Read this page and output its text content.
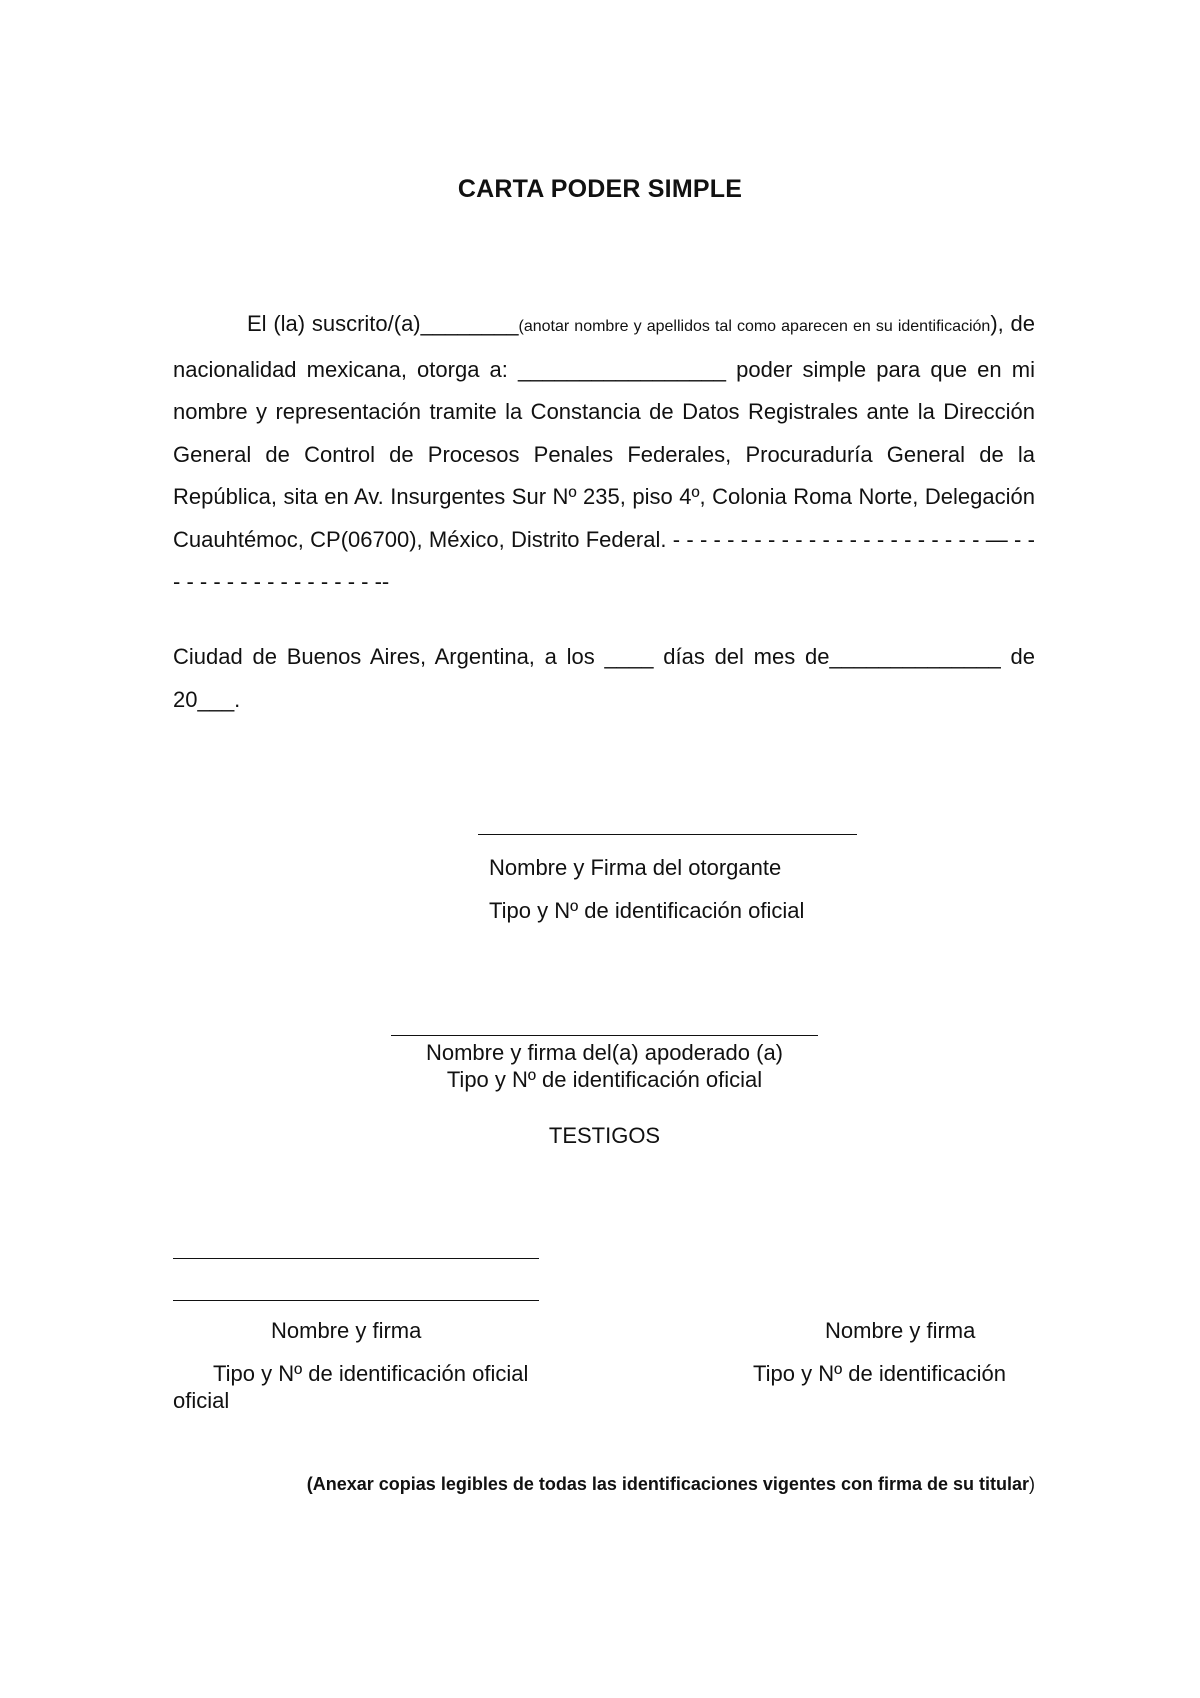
CARTA PODER SIMPLE

El (la) suscrito/(a)________(anotar nombre y apellidos tal como aparecen en su identificación), de nacionalidad mexicana, otorga a: _________________ poder simple para que en mi nombre y representación tramite la Constancia de Datos Registrales ante la Dirección General de Control de Procesos Penales Federales, Procuraduría General de la República, sita en Av. Insurgentes Sur Nº 235, piso 4º, Colonia Roma Norte, Delegación Cuauhtémoc, CP(06700), México, Distrito Federal. - - - - - - - - - - - - - - - - - - - - - - - — - - - - - - - - - - - - - - - - - --

Ciudad de Buenos Aires, Argentina, a los ____ días del mes de______________ de 20___.
Nombre y Firma del otorgante
Tipo y Nº de identificación oficial
Nombre y firma del(a) apoderado (a)
Tipo y Nº de identificación oficial
TESTIGOS
Nombre y firma	Nombre y firma
Tipo y Nº de identificación oficial	Tipo y Nº de identificación
oficial
(Anexar copias legibles de todas las identificaciones vigentes con firma de su titular)
